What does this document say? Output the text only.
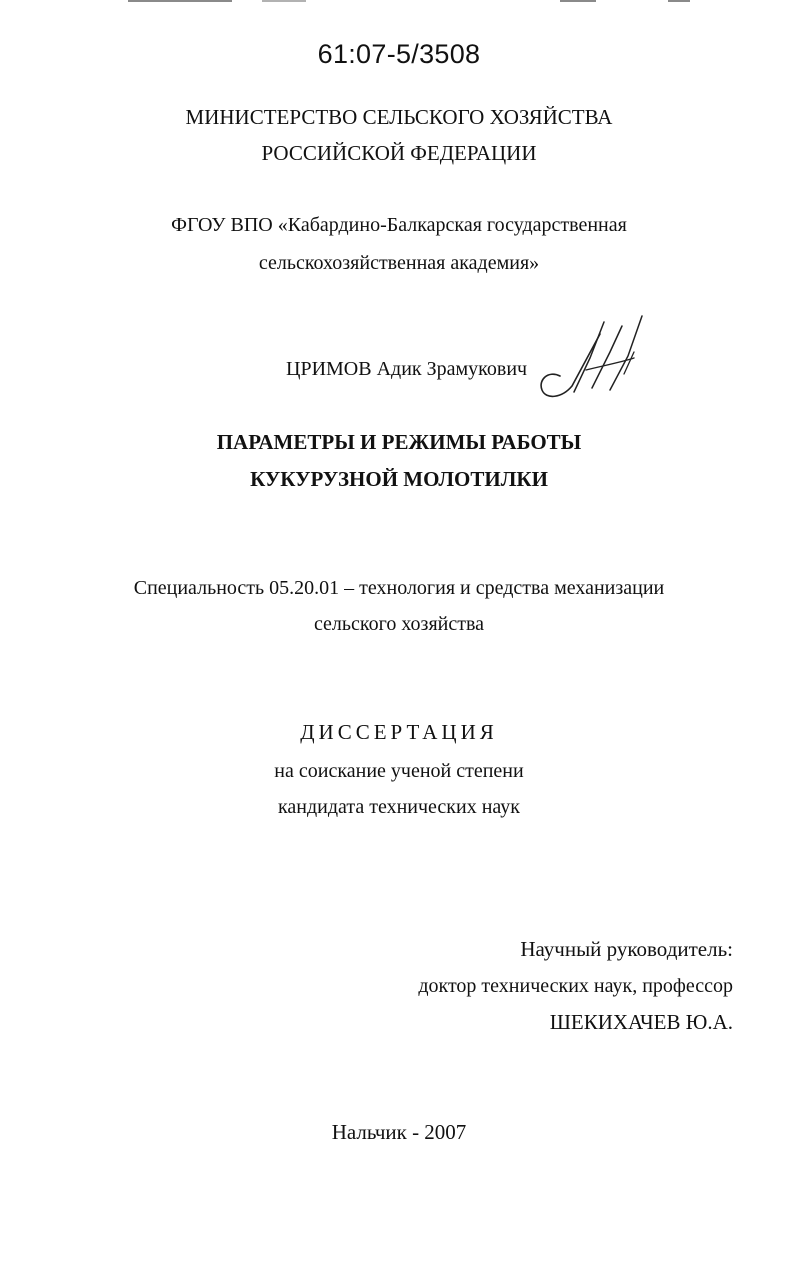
61:07-5/3508
МИНИСТЕРСТВО СЕЛЬСКОГО ХОЗЯЙСТВА
РОССИЙСКОЙ ФЕДЕРАЦИИ
ФГОУ ВПО «Кабардино-Балкарская государственная
сельскохозяйственная академия»
ЦРИМОВ Адик Зрамукович
ПАРАМЕТРЫ И РЕЖИМЫ РАБОТЫ
КУКУРУЗНОЙ МОЛОТИЛКИ
Специальность 05.20.01 – технология и средства механизации
сельского хозяйства
ДИССЕРТАЦИЯ
на соискание ученой степени
кандидата технических наук
Научный руководитель:
доктор технических наук, профессор
ШЕКИХАЧЕВ Ю.А.
Нальчик - 2007
